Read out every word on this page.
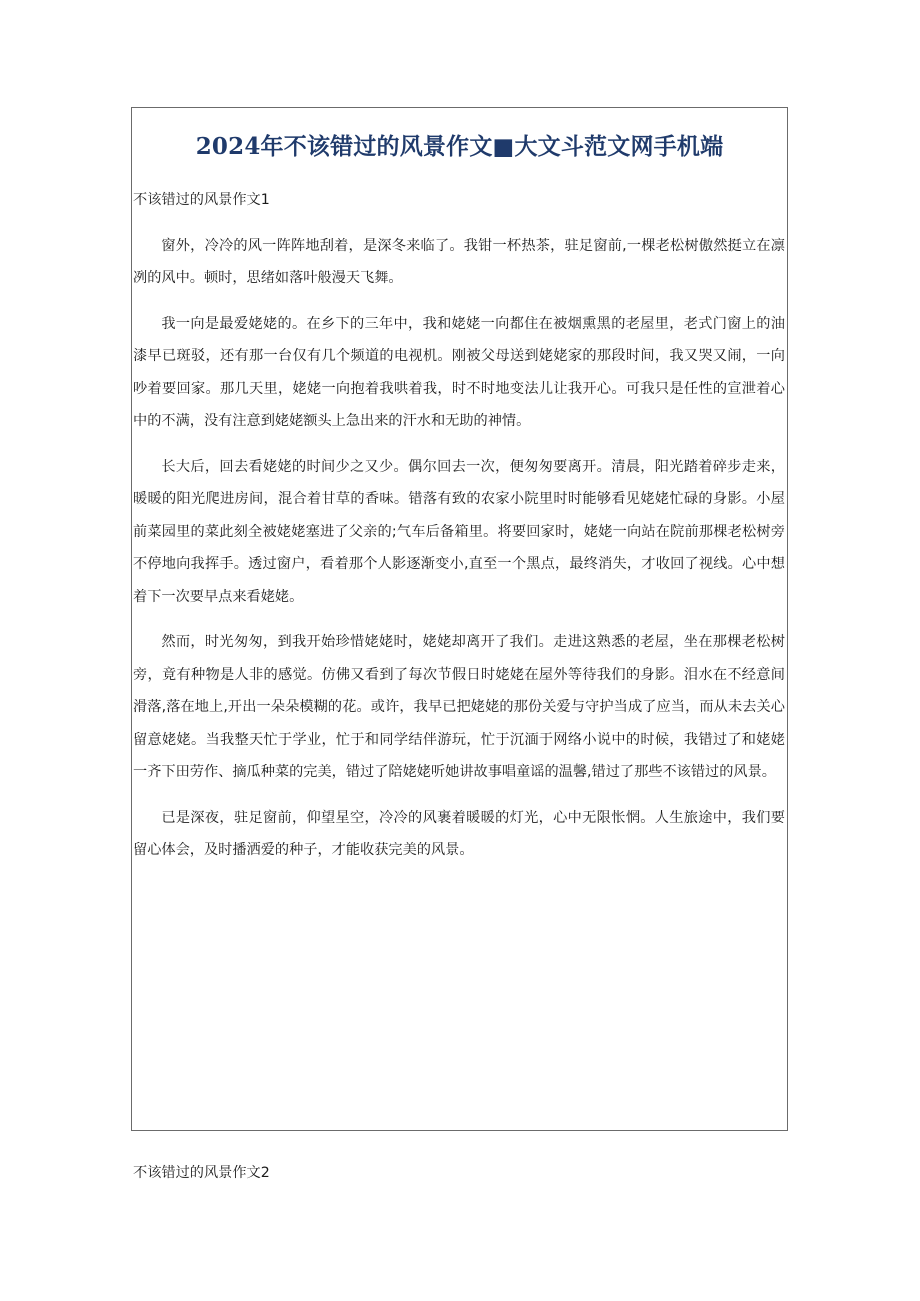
2024年不该错过的风景作文■大文斗范文网手机端

不该错过的风景作文1

窗外，冷冷的风一阵阵地刮着，是深冬来临了。我钳一杯热茶，驻足窗前,一棵老松树傲然挺立在凛冽的风中。顿时，思绪如落叶般漫天飞舞。

我一向是最爱姥姥的。在乡下的三年中，我和姥姥一向都住在被烟熏黑的老屋里，老式门窗上的油漆早已斑驳，还有那一台仅有几个频道的电视机。刚被父母送到姥姥家的那段时间，我又哭又闹，一向吵着要回家。那几天里，姥姥一向抱着我哄着我，时不时地变法儿让我开心。可我只是任性的宣泄着心中的不满，没有注意到姥姥额头上急出来的汗水和无助的神情。

长大后，回去看姥姥的时间少之又少。偶尔回去一次，便匆匆要离开。清晨，阳光踏着碎步走来，暖暖的阳光爬进房间，混合着甘草的香味。错落有致的农家小院里时时能够看见姥姥忙碌的身影。小屋前菜园里的菜此刻全被姥姥塞进了父亲的;气车后备箱里。将要回家时，姥姥一向站在院前那棵老松树旁不停地向我挥手。透过窗户，看着那个人影逐渐变小,直至一个黑点，最终消失，才收回了视线。心中想着下一次要早点来看姥姥。

然而，时光匆匆，到我开始珍惜姥姥时，姥姥却离开了我们。走进这熟悉的老屋，坐在那棵老松树旁，竟有种物是人非的感觉。仿佛又看到了每次节假日时姥姥在屋外等待我们的身影。泪水在不经意间滑落,落在地上,开出一朵朵模糊的花。或许，我早已把姥姥的那份关爱与守护当成了应当，而从未去关心留意姥姥。当我整天忙于学业，忙于和同学结伴游玩，忙于沉湎于网络小说中的时候，我错过了和姥姥一齐下田劳作、摘瓜种菜的完美，错过了陪姥姥听她讲故事唱童谣的温馨,错过了那些不该错过的风景。

已是深夜，驻足窗前，仰望星空，冷冷的风裹着暖暖的灯光，心中无限怅惘。人生旅途中，我们要留心体会，及时播洒爱的种子，才能收获完美的风景。

不该错过的风景作文2
